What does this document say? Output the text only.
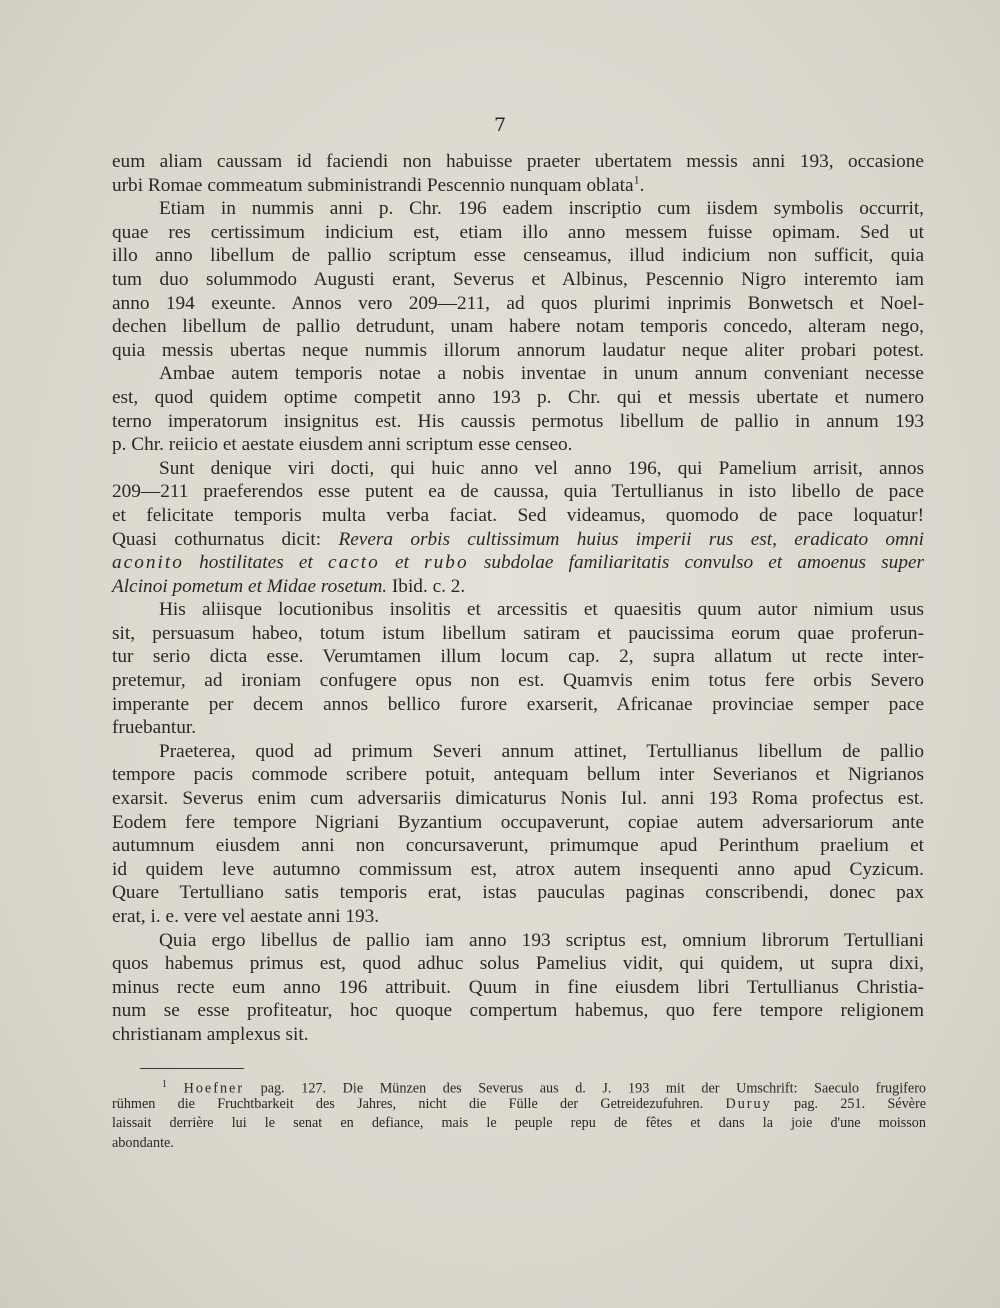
7
eum aliam caussam id faciendi non habuisse praeter ubertatem messis anni 193, occasione
urbi Romae commeatum subministrandi Pescennio nunquam oblata$^1$.
Etiam in nummis anni p. Chr. 196 eadem inscriptio cum iisdem symbolis occurrit,
quae res certissimum indicium est, etiam illo anno messem fuisse opimam. Sed ut
illo anno libellum de pallio scriptum esse censeamus, illud indicium non sufficit, quia
tum duo solummodo Augusti erant, Severus et Albinus, Pescennio Nigro interemto iam
anno 194 exeunte. Annos vero 209—211, ad quos plurimi inprimis Bonwetsch et Noel-
dechen libellum de pallio detrudunt, unam habere notam temporis concedo, alteram nego,
quia messis ubertas neque nummis illorum annorum laudatur neque aliter probari potest.
Ambae autem temporis notae a nobis inventae in unum annum conveniant necesse
est, quod quidem optime competit anno 193 p. Chr. qui et messis ubertate et numero
terno imperatorum insignitus est. His caussis permotus libellum de pallio in annum 193
p. Chr. reiicio et aestate eiusdem anni scriptum esse censeo.
Sunt denique viri docti, qui huic anno vel anno 196, qui Pamelium arrisit, annos
209—211 praeferendos esse putent ea de caussa, quia Tertullianus in isto libello de pace
et felicitate temporis multa verba faciat. Sed videamus, quomodo de pace loquatur!
Quasi cothurnatus dicit: Revera orbis cultissimum huius imperii rus est, eradicato omni
aconito hostilitates et cacto et rubo subdolae familiaritatis convulso et amoenus super
Alcinoi pometum et Midae rosetum. Ibid. c. 2.
His aliisque locutionibus insolitis et arcessitis et quaesitis quum autor nimium usus
sit, persuasum habeo, totum istum libellum satiram et paucissima eorum quae proferun-
tur serio dicta esse. Verumtamen illum locum cap. 2, supra allatum ut recte inter-
pretemur, ad ironiam confugere opus non est. Quamvis enim totus fere orbis Severo
imperante per decem annos bellico furore exarserit, Africanae provinciae semper pace
fruebantur.
Praeterea, quod ad primum Severi annum attinet, Tertullianus libellum de pallio
tempore pacis commode scribere potuit, antequam bellum inter Severianos et Nigrianos
exarsit. Severus enim cum adversariis dimicaturus Nonis Iul. anni 193 Roma profectus est.
Eodem fere tempore Nigriani Byzantium occupaverunt, copiae autem adversariorum ante
autumnum eiusdem anni non concursaverunt, primumque apud Perinthum praelium et
id quidem leve autumno commissum est, atrox autem insequenti anno apud Cyzicum.
Quare Tertulliano satis temporis erat, istas pauculas paginas conscribendi, donec pax
erat, i. e. vere vel aestate anni 193.
Quia ergo libellus de pallio iam anno 193 scriptus est, omnium librorum Tertulliani
quos habemus primus est, quod adhuc solus Pamelius vidit, qui quidem, ut supra dixi,
minus recte eum anno 196 attribuit. Quum in fine eiusdem libri Tertullianus Christia-
num se esse profiteatur, hoc quoque compertum habemus, quo fere tempore religionem
christianam amplexus sit.
$^1$ Hoefner pag. 127. Die Münzen des Severus aus d. J. 193 mit der Umschrift: Saeculo frugifero
rühmen die Fruchtbarkeit des Jahres, nicht die Fülle der Getreidezufuhren. Duruy pag. 251. Sévère
laissait derrière lui le senat en defiance, mais le peuple repu de fêtes et dans la joie d'une moisson
abondante.
